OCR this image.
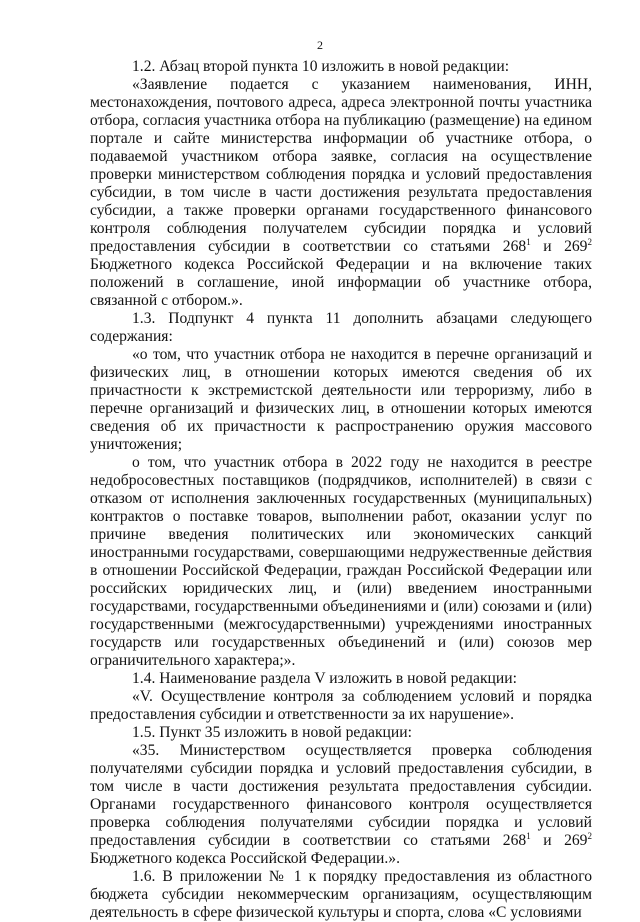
2

1.2. Абзац второй пункта 10 изложить в новой редакции:

«Заявление подается с указанием наименования, ИНН, местонахождения, почтового адреса, адреса электронной почты участника отбора, согласия участника отбора на публикацию (размещение) на едином портале и сайте министерства информации об участнике отбора, о подаваемой участником отбора заявке, согласия на осуществление проверки министерством соблюдения порядка и условий предоставления субсидии, в том числе в части достижения результата предоставления субсидии, а также проверки органами государственного финансового контроля соблюдения получателем субсидии порядка и условий предоставления субсидии в соответствии со статьями $268^1$ и $269^2$ Бюджетного кодекса Российской Федерации и на включение таких положений в соглашение, иной информации об участнике отбора, связанной с отбором.».

1.3. Подпункт 4 пункта 11 дополнить абзацами следующего содержания:

«о том, что участник отбора не находится в перечне организаций и физических лиц, в отношении которых имеются сведения об их причастности к экстремистской деятельности или терроризму, либо в перечне организаций и физических лиц, в отношении которых имеются сведения об их причастности к распространению оружия массового уничтожения;

о том, что участник отбора в 2022 году не находится в реестре недобросовестных поставщиков (подрядчиков, исполнителей) в связи с отказом от исполнения заключенных государственных (муниципальных) контрактов о поставке товаров, выполнении работ, оказании услуг по причине введения политических или экономических санкций иностранными государствами, совершающими недружественные действия в отношении Российской Федерации, граждан Российской Федерации или российских юридических лиц, и (или) введением иностранными государствами, государственными объединениями и (или) союзами и (или) государственными (межгосударственными) учреждениями иностранных государств или государственных объединений и (или) союзов мер ограничительного характера;».

1.4. Наименование раздела V изложить в новой редакции:

«V. Осуществление контроля за соблюдением условий и порядка предоставления субсидии и ответственности за их нарушение».

1.5. Пункт 35 изложить в новой редакции:

«35. Министерством осуществляется проверка соблюдения получателями субсидии порядка и условий предоставления субсидии, в том числе в части достижения результата предоставления субсидии. Органами государственного финансового контроля осуществляется проверка соблюдения получателями субсидии порядка и условий предоставления субсидии в соответствии со статьями $268^1$ и $269^2$ Бюджетного кодекса Российской Федерации.».

1.6. В приложении № 1 к порядку предоставления из областного бюджета субсидии некоммерческим организациям, осуществляющим деятельность в сфере физической культуры и спорта, слова «С условиями
